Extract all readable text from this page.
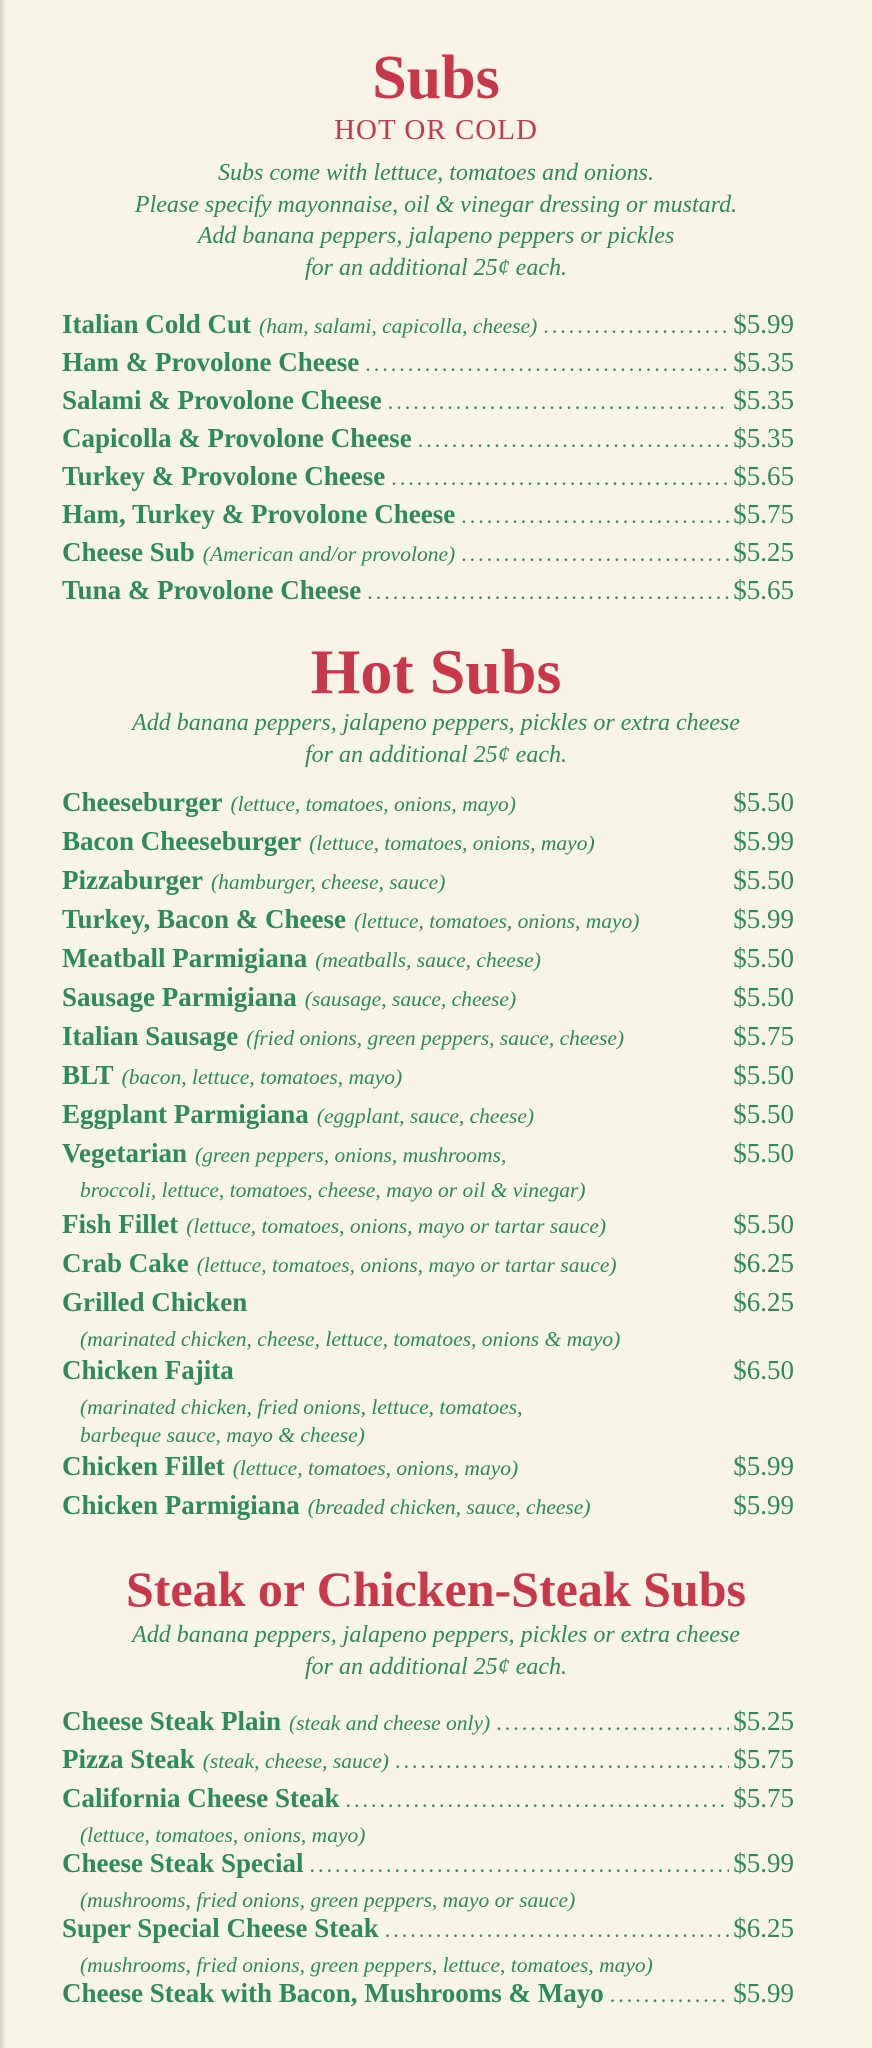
Subs
HOT OR COLD
Subs come with lettuce, tomatoes and onions.
Please specify mayonnaise, oil & vinegar dressing or mustard.
Add banana peppers, jalapeno peppers or pickles
for an additional 25¢ each.
Italian Cold Cut (ham, salami, capicolla, cheese) .....	$5.99
Ham & Provolone Cheese .....	$5.35
Salami & Provolone Cheese .....	$5.35
Capicolla & Provolone Cheese .....	$5.35
Turkey & Provolone Cheese .....	$5.65
Ham, Turkey & Provolone Cheese .....	$5.75
Cheese Sub (American and/or provolone) .....	$5.25
Tuna & Provolone Cheese .....	$5.65
Hot Subs
Add banana peppers, jalapeno peppers, pickles or extra cheese
for an additional 25¢ each.
Cheeseburger (lettuce, tomatoes, onions, mayo)	$5.50
Bacon Cheeseburger (lettuce, tomatoes, onions, mayo)	$5.99
Pizzaburger (hamburger, cheese, sauce)	$5.50
Turkey, Bacon & Cheese (lettuce, tomatoes, onions, mayo)	$5.99
Meatball Parmigiana (meatballs, sauce, cheese)	$5.50
Sausage Parmigiana (sausage, sauce, cheese)	$5.50
Italian Sausage (fried onions, green peppers, sauce, cheese)	$5.75
BLT (bacon, lettuce, tomatoes, mayo)	$5.50
Eggplant Parmigiana (eggplant, sauce, cheese)	$5.50
Vegetarian (green peppers, onions, mushrooms,	$5.50
broccoli, lettuce, tomatoes, cheese, mayo or oil & vinegar)
Fish Fillet (lettuce, tomatoes, onions, mayo or tartar sauce)	$5.50
Crab Cake (lettuce, tomatoes, onions, mayo or tartar sauce)	$6.25
Grilled Chicken	$6.25
(marinated chicken, cheese, lettuce, tomatoes, onions & mayo)
Chicken Fajita	$6.50
(marinated chicken, fried onions, lettuce, tomatoes,
barbeque sauce, mayo & cheese)
Chicken Fillet (lettuce, tomatoes, onions, mayo)	$5.99
Chicken Parmigiana (breaded chicken, sauce, cheese)	$5.99
Steak or Chicken-Steak Subs
Add banana peppers, jalapeno peppers, pickles or extra cheese
for an additional 25¢ each.
Cheese Steak Plain (steak and cheese only) .....	$5.25
Pizza Steak (steak, cheese, sauce) .....	$5.75
California Cheese Steak .....	$5.75
(lettuce, tomatoes, onions, mayo)
Cheese Steak Special .....	$5.99
(mushrooms, fried onions, green peppers, mayo or sauce)
Super Special Cheese Steak .....	$6.25
(mushrooms, fried onions, green peppers, lettuce, tomatoes, mayo)
Cheese Steak with Bacon, Mushrooms & Mayo .....	$5.99
